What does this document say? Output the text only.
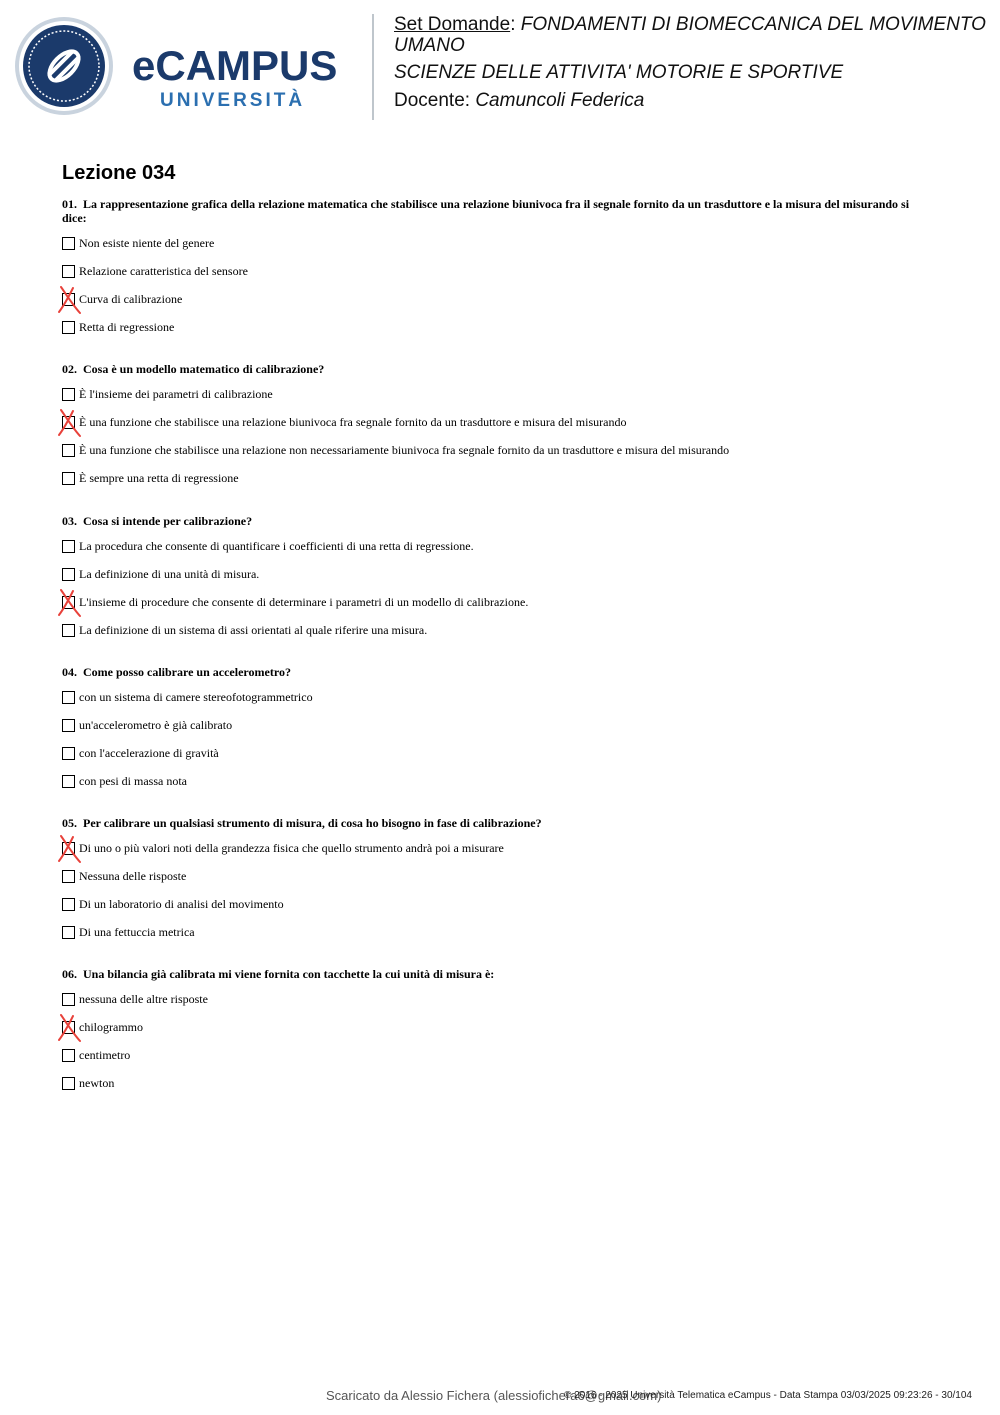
eCAMPUS
UNIVERSITÀ
Set Domande: FONDAMENTI DI BIOMECCANICA DEL MOVIMENTO UMANO
SCIENZE DELLE ATTIVITA' MOTORIE E SPORTIVE
Docente: Camuncoli Federica
Lezione 034
01. La rappresentazione grafica della relazione matematica che stabilisce una relazione biunivoca fra il segnale fornito da un trasduttore e la misura del misurando si dice:
Non esiste niente del genere
Relazione caratteristica del sensore
Curva di calibrazione
Retta di regressione
02. Cosa è un modello matematico di calibrazione?
È l'insieme dei parametri di calibrazione
È una funzione che stabilisce una relazione biunivoca fra segnale fornito da un trasduttore e misura del misurando
È una funzione che stabilisce una relazione non necessariamente biunivoca fra segnale fornito da un trasduttore e misura del misurando
È sempre una retta di regressione
03. Cosa si intende per calibrazione?
La procedura che consente di quantificare i coefficienti di una retta di regressione.
La definizione di una unità di misura.
L'insieme di procedure che consente di determinare i parametri di un modello di calibrazione.
La definizione di un sistema di assi orientati al quale riferire una misura.
04. Come posso calibrare un accelerometro?
con un sistema di camere stereofotogrammetrico
un'accelerometro è già calibrato
con l'accelerazione di gravità
con pesi di massa nota
05. Per calibrare un qualsiasi strumento di misura, di cosa ho bisogno in fase di calibrazione?
Di uno o più valori noti della grandezza fisica che quello strumento andrà poi a misurare
Nessuna delle risposte
Di un laboratorio di analisi del movimento
Di una fettuccia metrica
06. Una bilancia già calibrata mi viene fornita con tacchette la cui unità di misura è:
nessuna delle altre risposte
chilogrammo
centimetro
newton
Scaricato da Alessio Fichera (alessiofichera6@gmail.com)
© 2016 - 2025 Università Telematica eCampus - Data Stampa 03/03/2025 09:23:26 - 30/104
